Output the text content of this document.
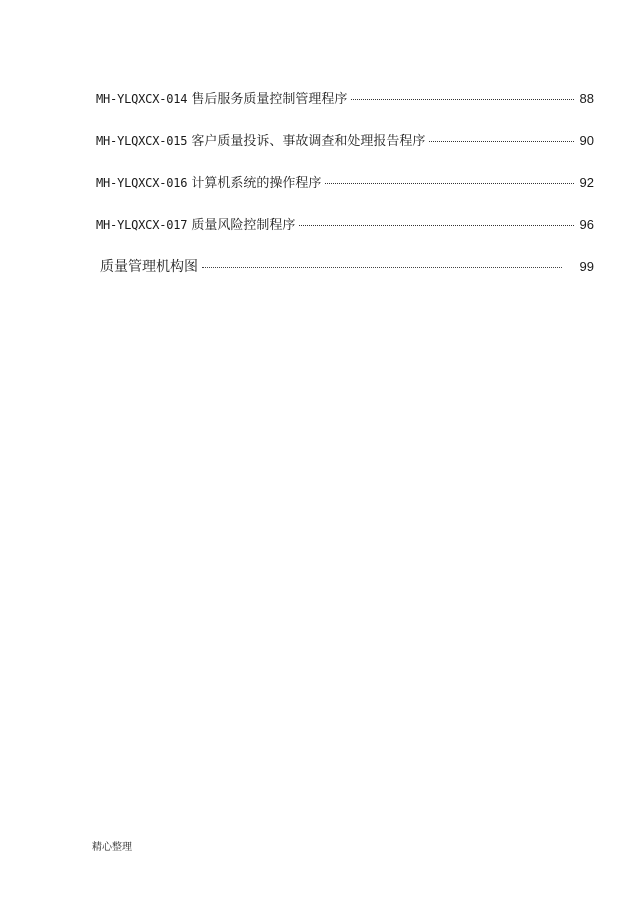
MH-YLQXCX-014 售后服务质量控制管理程序	88
MH-YLQXCX-015 客户质量投诉、事故调查和处理报告程序	90
MH-YLQXCX-016 计算机系统的操作程序	92
MH-YLQXCX-017 质量风险控制程序	96
质量管理机构图	99
精心整理
